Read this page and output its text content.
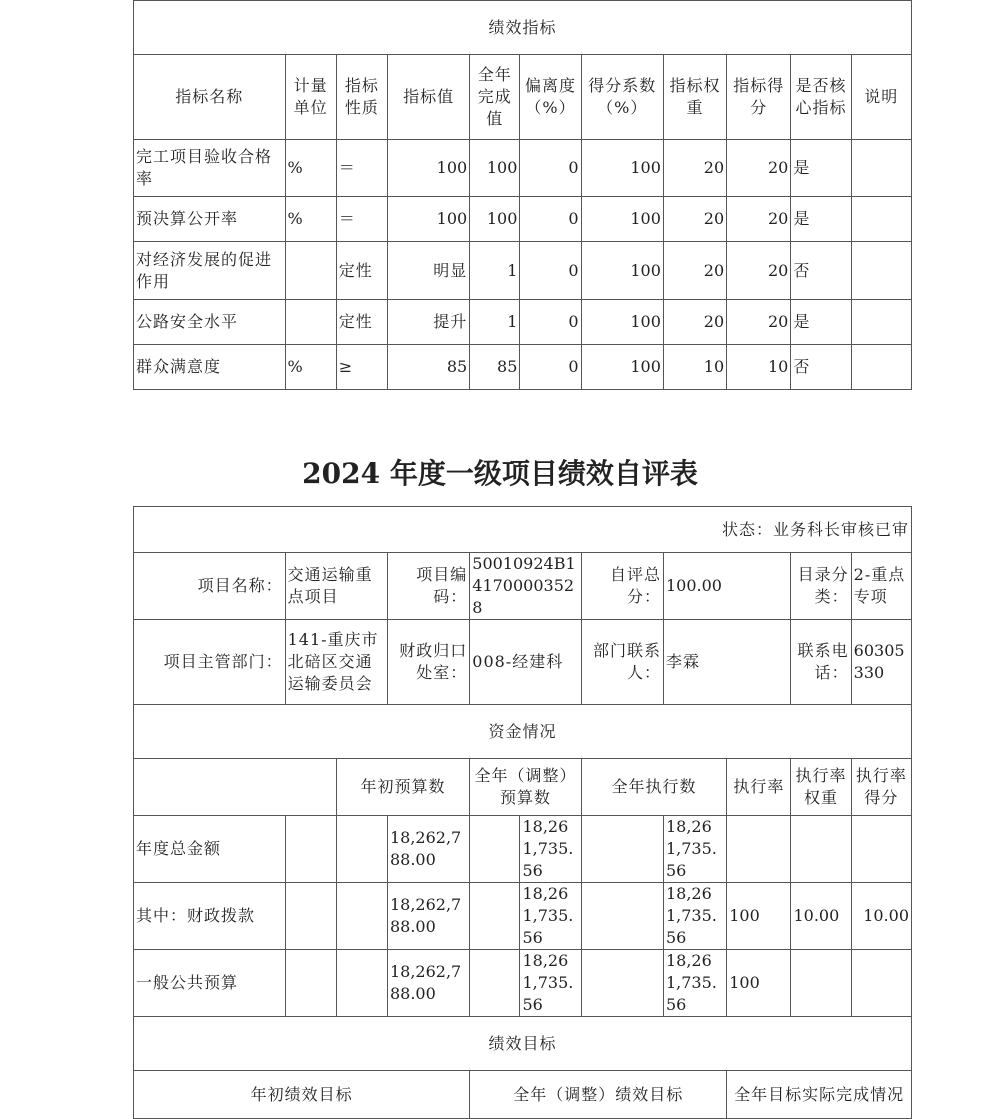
绩效指标										
指标名称	计量单位	指标性质	指标值	全年完成值	偏离度（%）	得分系数（%）	指标权重	指标得分	是否核心指标	说明
完工项目验收合格率	%	＝	100	100	0	100	20	20	是	
预决算公开率	%	＝	100	100	0	100	20	20	是	
对经济发展的促进作用		定性	明显	1	0	100	20	20	否	
公路安全水平		定性	提升	1	0	100	20	20	是	
群众满意度	%	≥	85	85	0	100	10	10	否	
2024 年度一级项目绩效自评表
状态：业务科长审核已审										
项目名称：	交通运输重点项目		项目编码：	50010924B141700003528		自评总分：	100.00		目录分类：	2-重点专项
项目主管部门：	141-重庆市北碚区交通运输委员会		财政归口处室：	008-经建科		部门联系人：	李霖		联系电话：	60305330
资金情况										
		年初预算数		全年（调整）预算数		全年执行数		执行率	执行率权重	执行率得分
年度总金额			18,262,788.00		18,261,735.56		18,261,735.56			
其中：财政拨款			18,262,788.00		18,261,735.56		18,261,735.56	100	10.00	10.00
一般公共预算			18,262,788.00		18,261,735.56		18,261,735.56	100		
绩效目标										
年初绩效目标				全年（调整）绩效目标				全年目标实际完成情况		
